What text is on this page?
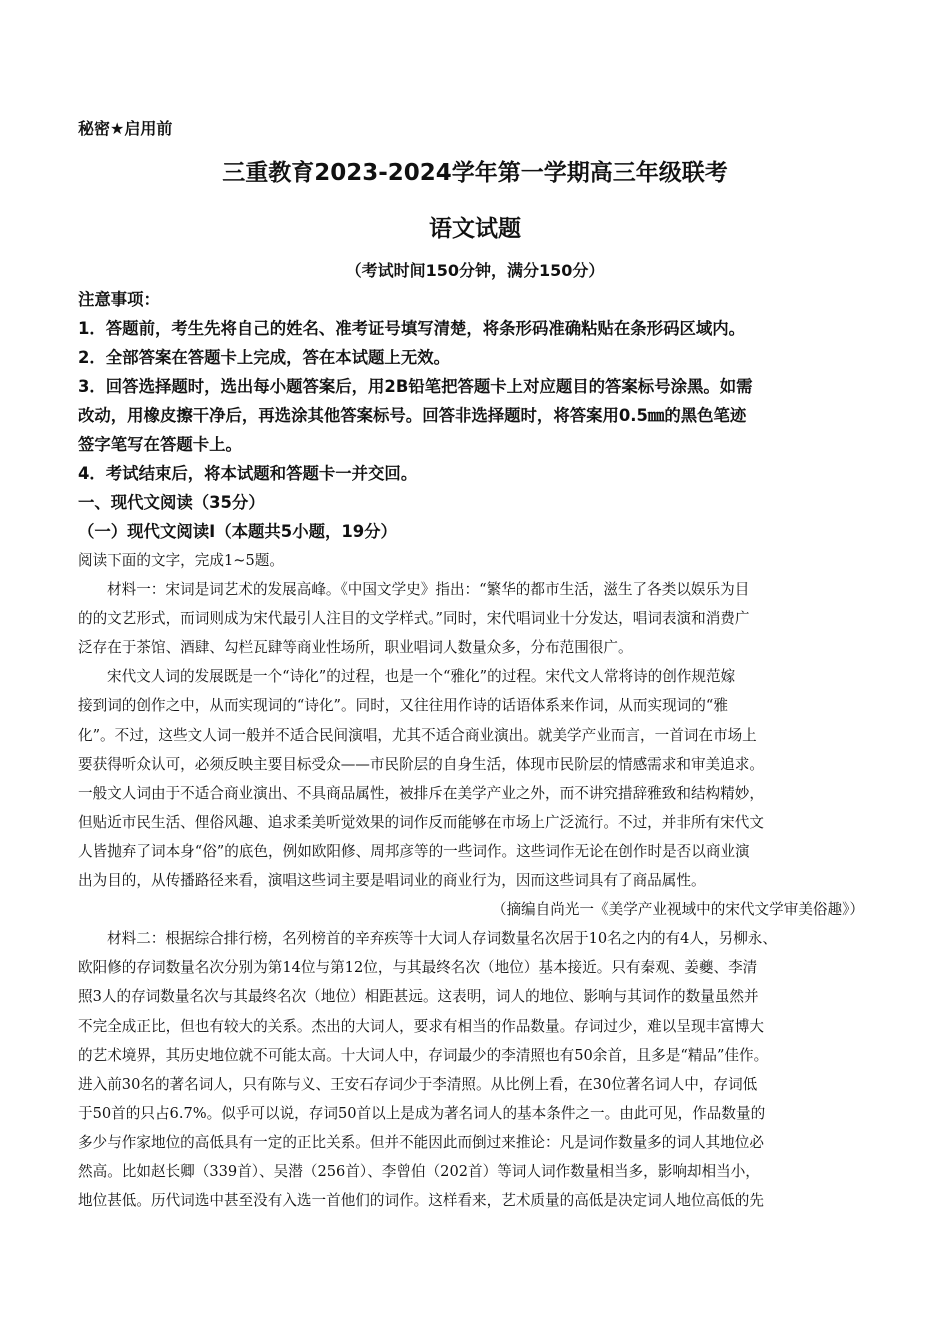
秘密★启用前
三重教育2023-2024学年第一学期高三年级联考
语文试题
（考试时间150分钟，满分150分）
注意事项：
1．答题前，考生先将自己的姓名、准考证号填写清楚，将条形码准确粘贴在条形码区域内。
2．全部答案在答题卡上完成，答在本试题上无效。
3．回答选择题时，选出每小题答案后，用2B铅笔把答题卡上对应题目的答案标号涂黑。如需
改动，用橡皮擦干净后，再选涂其他答案标号。回答非选择题时，将答案用0.5㎜的黑色笔迹
签字笔写在答题卡上。
4．考试结束后，将本试题和答题卡一并交回。
一、现代文阅读（35分）
（一）现代文阅读Ⅰ（本题共5小题，19分）
阅读下面的文字，完成1~5题。
材料一：宋词是词艺术的发展高峰。《中国文学史》指出：“繁华的都市生活，滋生了各类以娱乐为目
的的文艺形式，而词则成为宋代最引人注目的文学样式。”同时，宋代唱词业十分发达，唱词表演和消费广
泛存在于茶馆、酒肆、勾栏瓦肆等商业性场所，职业唱词人数量众多，分布范围很广。
宋代文人词的发展既是一个“诗化”的过程，也是一个“雅化”的过程。宋代文人常将诗的创作规范嫁
接到词的创作之中，从而实现词的“诗化”。同时，又往往用作诗的话语体系来作词，从而实现词的“雅
化”。不过，这些文人词一般并不适合民间演唱，尤其不适合商业演出。就美学产业而言，一首词在市场上
要获得听众认可，必须反映主要目标受众——市民阶层的自身生活，体现市民阶层的情感需求和审美追求。
一般文人词由于不适合商业演出、不具商品属性，被排斥在美学产业之外，而不讲究措辞雅致和结构精妙，
但贴近市民生活、俚俗风趣、追求柔美听觉效果的词作反而能够在市场上广泛流行。不过，并非所有宋代文
人皆抛弃了词本身“俗”的底色，例如欧阳修、周邦彦等的一些词作。这些词作无论在创作时是否以商业演
出为目的，从传播路径来看，演唱这些词主要是唱词业的商业行为，因而这些词具有了商品属性。
（摘编自尚光一《美学产业视域中的宋代文学审美俗趣》）
材料二：根据综合排行榜，名列榜首的辛弃疾等十大词人存词数量名次居于10名之内的有4人，另柳永、
欧阳修的存词数量名次分别为第14位与第12位，与其最终名次（地位）基本接近。只有秦观、姜夔、李清
照3人的存词数量名次与其最终名次（地位）相距甚远。这表明，词人的地位、影响与其词作的数量虽然并
不完全成正比，但也有较大的关系。杰出的大词人，要求有相当的作品数量。存词过少，难以呈现丰富博大
的艺术境界，其历史地位就不可能太高。十大词人中，存词最少的李清照也有50余首，且多是“精品”佳作。
进入前30名的著名词人，只有陈与义、王安石存词少于李清照。从比例上看，在30位著名词人中，存词低
于50首的只占6.7%。似乎可以说，存词50首以上是成为著名词人的基本条件之一。由此可见，作品数量的
多少与作家地位的高低具有一定的正比关系。但并不能因此而倒过来推论：凡是词作数量多的词人其地位必
然高。比如赵长卿（339首）、吴潜（256首）、李曾伯（202首）等词人词作数量相当多，影响却相当小，
地位甚低。历代词选中甚至没有入选一首他们的词作。这样看来，艺术质量的高低是决定词人地位高低的先
